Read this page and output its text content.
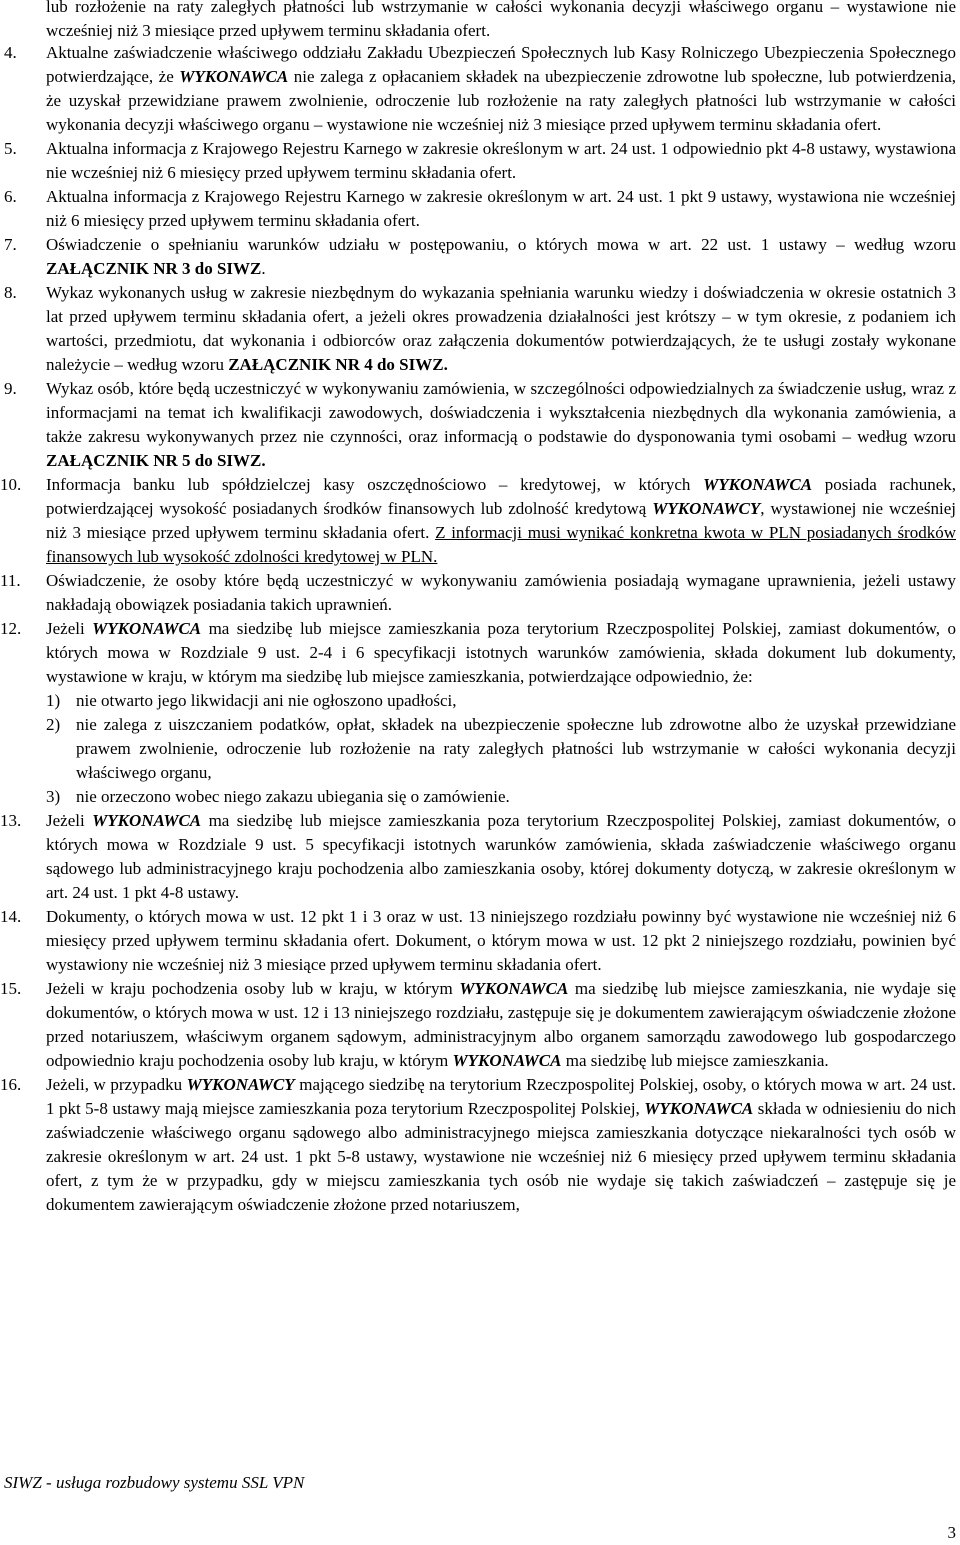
lub rozłożenie na raty zaległych płatności lub wstrzymanie w całości wykonania decyzji właściwego organu – wystawione nie wcześniej niż 3 miesiące przed upływem terminu składania ofert.
4.	Aktualne zaświadczenie właściwego oddziału Zakładu Ubezpieczeń Społecznych lub Kasy Rolniczego Ubezpieczenia Społecznego potwierdzające, że WYKONAWCA nie zalega z opłacaniem składek na ubezpieczenie zdrowotne lub społeczne, lub potwierdzenia, że uzyskał przewidziane prawem zwolnienie, odroczenie lub rozłożenie na raty zaległych płatności lub wstrzymanie w całości wykonania decyzji właściwego organu – wystawione nie wcześniej niż 3 miesiące przed upływem terminu składania ofert.
5.	Aktualna informacja z Krajowego Rejestru Karnego w zakresie określonym w art. 24 ust. 1 odpowiednio pkt 4-8 ustawy, wystawiona nie wcześniej niż 6 miesięcy przed upływem terminu składania ofert.
6.	Aktualna informacja z Krajowego Rejestru Karnego w zakresie określonym w art. 24 ust. 1 pkt 9 ustawy, wystawiona nie wcześniej niż 6 miesięcy przed upływem terminu składania ofert.
7.	Oświadczenie o spełnianiu warunków udziału w postępowaniu, o których mowa w art. 22 ust. 1 ustawy – według wzoru ZAŁĄCZNIK NR 3 do SIWZ.
8.	Wykaz wykonanych usług w zakresie niezbędnym do wykazania spełniania warunku wiedzy i doświadczenia w okresie ostatnich 3 lat przed upływem terminu składania ofert, a jeżeli okres prowadzenia działalności jest krótszy – w tym okresie, z podaniem ich wartości, przedmiotu, dat wykonania i odbiorców oraz załączenia dokumentów potwierdzających, że te usługi zostały wykonane należycie – według wzoru ZAŁĄCZNIK NR 4 do SIWZ.
9.	Wykaz osób, które będą uczestniczyć w wykonywaniu zamówienia, w szczególności odpowiedzialnych za świadczenie usług, wraz z informacjami na temat ich kwalifikacji zawodowych, doświadczenia i wykształcenia niezbędnych dla wykonania zamówienia, a także zakresu wykonywanych przez nie czynności, oraz informacją o podstawie do dysponowania tymi osobami – według wzoru ZAŁĄCZNIK NR 5 do SIWZ.
10.	Informacja banku lub spółdzielczej kasy oszczędnościowo – kredytowej, w których WYKONAWCA posiada rachunek, potwierdzającej wysokość posiadanych środków finansowych lub zdolność kredytową WYKONAWCY, wystawionej nie wcześniej niż 3 miesiące przed upływem terminu składania ofert. Z informacji musi wynikać konkretna kwota w PLN posiadanych środków finansowych lub wysokość zdolności kredytowej w PLN.
11.	Oświadczenie, że osoby które będą uczestniczyć w wykonywaniu zamówienia posiadają wymagane uprawnienia, jeżeli ustawy nakładają obowiązek posiadania takich uprawnień.
12.	Jeżeli WYKONAWCA ma siedzibę lub miejsce zamieszkania poza terytorium Rzeczpospolitej Polskiej, zamiast dokumentów, o których mowa w Rozdziale 9 ust. 2-4 i 6 specyfikacji istotnych warunków zamówienia, składa dokument lub dokumenty, wystawione w kraju, w którym ma siedzibę lub miejsce zamieszkania, potwierdzające odpowiednio, że:
1) nie otwarto jego likwidacji ani nie ogłoszono upadłości,
2) nie zalega z uiszczaniem podatków, opłat, składek na ubezpieczenie społeczne lub zdrowotne albo że uzyskał przewidziane prawem zwolnienie, odroczenie lub rozłożenie na raty zaległych płatności lub wstrzymanie w całości wykonania decyzji właściwego organu,
3) nie orzeczono wobec niego zakazu ubiegania się o zamówienie.
13.	Jeżeli WYKONAWCA ma siedzibę lub miejsce zamieszkania poza terytorium Rzeczpospolitej Polskiej, zamiast dokumentów, o których mowa w Rozdziale 9 ust. 5 specyfikacji istotnych warunków zamówienia, składa zaświadczenie właściwego organu sądowego lub administracyjnego kraju pochodzenia albo zamieszkania osoby, której dokumenty dotyczą, w zakresie określonym w art. 24 ust. 1 pkt 4-8 ustawy.
14.	Dokumenty, o których mowa w ust. 12 pkt 1 i 3 oraz w ust. 13 niniejszego rozdziału powinny być wystawione nie wcześniej niż 6 miesięcy przed upływem terminu składania ofert. Dokument, o którym mowa w ust. 12 pkt 2 niniejszego rozdziału, powinien być wystawiony nie wcześniej niż 3 miesiące przed upływem terminu składania ofert.
15.	Jeżeli w kraju pochodzenia osoby lub w kraju, w którym WYKONAWCA ma siedzibę lub miejsce zamieszkania, nie wydaje się dokumentów, o których mowa w ust. 12 i 13 niniejszego rozdziału, zastępuje się je dokumentem zawierającym oświadczenie złożone przed notariuszem, właściwym organem sądowym, administracyjnym albo organem samorządu zawodowego lub gospodarczego odpowiednio kraju pochodzenia osoby lub kraju, w którym WYKONAWCA ma siedzibę lub miejsce zamieszkania.
16.	Jeżeli, w przypadku WYKONAWCY mającego siedzibę na terytorium Rzeczpospolitej Polskiej, osoby, o których mowa w art. 24 ust. 1 pkt 5-8 ustawy mają miejsce zamieszkania poza terytorium Rzeczpospolitej Polskiej, WYKONAWCA składa w odniesieniu do nich zaświadczenie właściwego organu sądowego albo administracyjnego miejsca zamieszkania dotyczące niekaralności tych osób w zakresie określonym w art. 24 ust. 1 pkt 5-8 ustawy, wystawione nie wcześniej niż 6 miesięcy przed upływem terminu składania ofert, z tym że w przypadku, gdy w miejscu zamieszkania tych osób nie wydaje się takich zaświadczeń – zastępuje się je dokumentem zawierającym oświadczenie złożone przed notariuszem,
SIWZ - usługa rozbudowy systemu SSL VPN
3
